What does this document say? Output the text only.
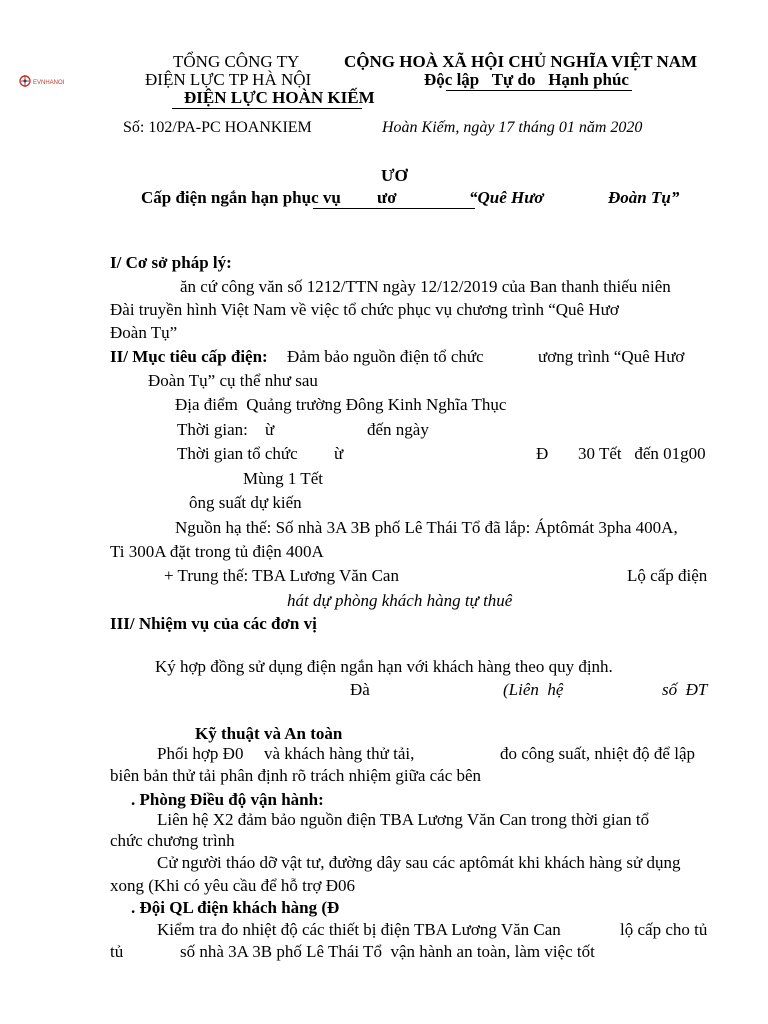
EVNHANOI
TỔNG CÔNG TY
ĐIỆN LỰC TP HÀ NỘI
ĐIỆN LỰC HOÀN KIẾM
CỘNG HOÀ XÃ HỘI CHỦ NGHĨA VIỆT NAM
Độc lập   Tự do   Hạnh phúc
Số: 102/PA-PC HOANKIEM	Hoàn Kiếm, ngày 17 tháng 01 năm 2020
ƯƠ
Cấp điện ngắn hạn phục vụ ươ	“Quê Hươ	Đoàn Tụ”
I/ Cơ sở pháp lý:
ăn cứ công văn số 1212/TTN ngày 12/12/2019 của Ban thanh thiếu niên
Đài truyền hình Việt Nam về việc tổ chức phục vụ chương trình “Quê Hươ
Đoàn Tụ”
II/ Mục tiêu cấp điện: Đảm bảo nguồn điện tổ chức	ương trình “Quê Hươ
Đoàn Tụ” cụ thể như sau
Địa điểm  Quảng trường Đông Kinh Nghĩa Thục
Thời gian: ừ	đến ngày
Thời gian tổ chức ừ	Đ 30 Tết   đến 01g00
Mùng 1 Tết
ông suất dự kiến
Nguồn hạ thế: Số nhà 3A 3B phố Lê Thái Tổ đã lắp: Áptômát 3pha 400A,
Ti 300A đặt trong tủ điện 400A
+ Trung thế: TBA Lương Văn Can	Lộ cấp điện
hát dự phòng khách hàng tự thuê
III/ Nhiệm vụ của các đơn vị
Ký hợp đồng sử dụng điện ngắn hạn với khách hàng theo quy định.
Đà	(Liên  hệ	số  ĐT
Kỹ thuật và An toàn
Phối hợp Đ0 và khách hàng thử tải,	đo công suất, nhiệt độ để lập
biên bản thử tải phân định rõ trách nhiệm giữa các bên
. Phòng Điều độ vận hành:
Liên hệ X2 đảm bảo nguồn điện TBA Lương Văn Can trong thời gian tổ
chức chương trình
Cử người tháo dỡ vật tư, đường dây sau các aptômát khi khách hàng sử dụng
xong (Khi có yêu cầu để hỗ trợ Đ06
. Đội QL điện khách hàng (Đ
Kiểm tra đo nhiệt độ các thiết bị điện TBA Lương Văn Can	lộ cấp cho tủ
tủ	số nhà 3A 3B phố Lê Thái Tổ  vận hành an toàn, làm việc tốt
